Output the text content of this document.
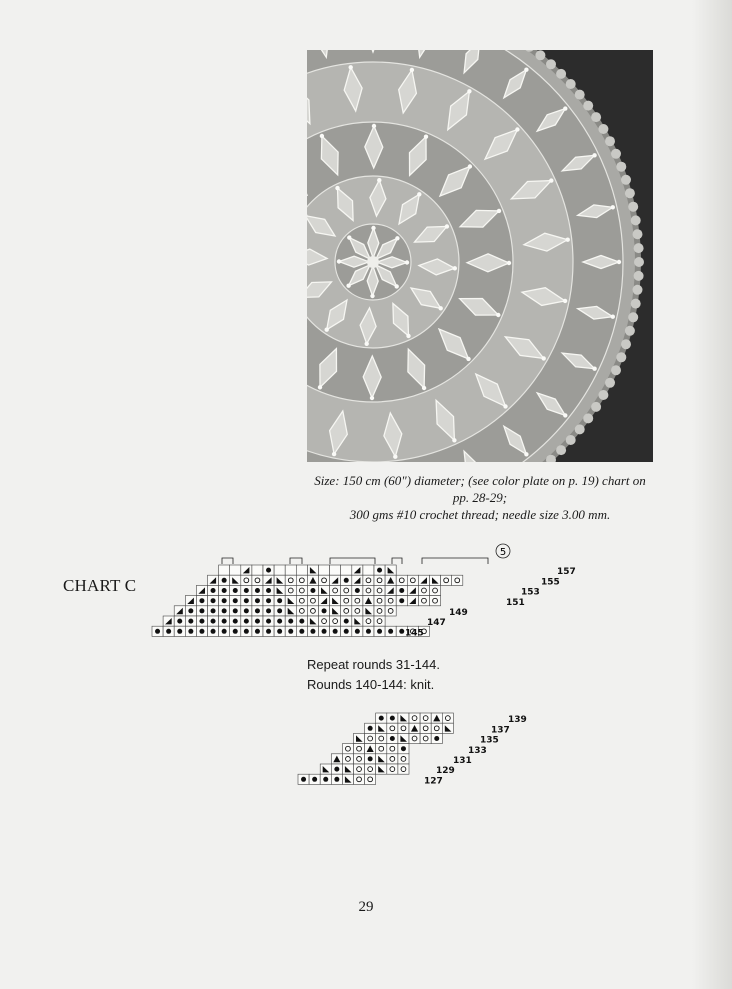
Size: 150 cm (60") diameter; (see color plate on p. 19) chart on
pp. 28-29;
300 gms #10 crochet thread; needle size 3.00 mm.
CHART C
157
155
153
151
149
147
145
5
139
137
135
133
131
129
127
Repeat rounds 31-144.
Rounds 140-144: knit.
29
